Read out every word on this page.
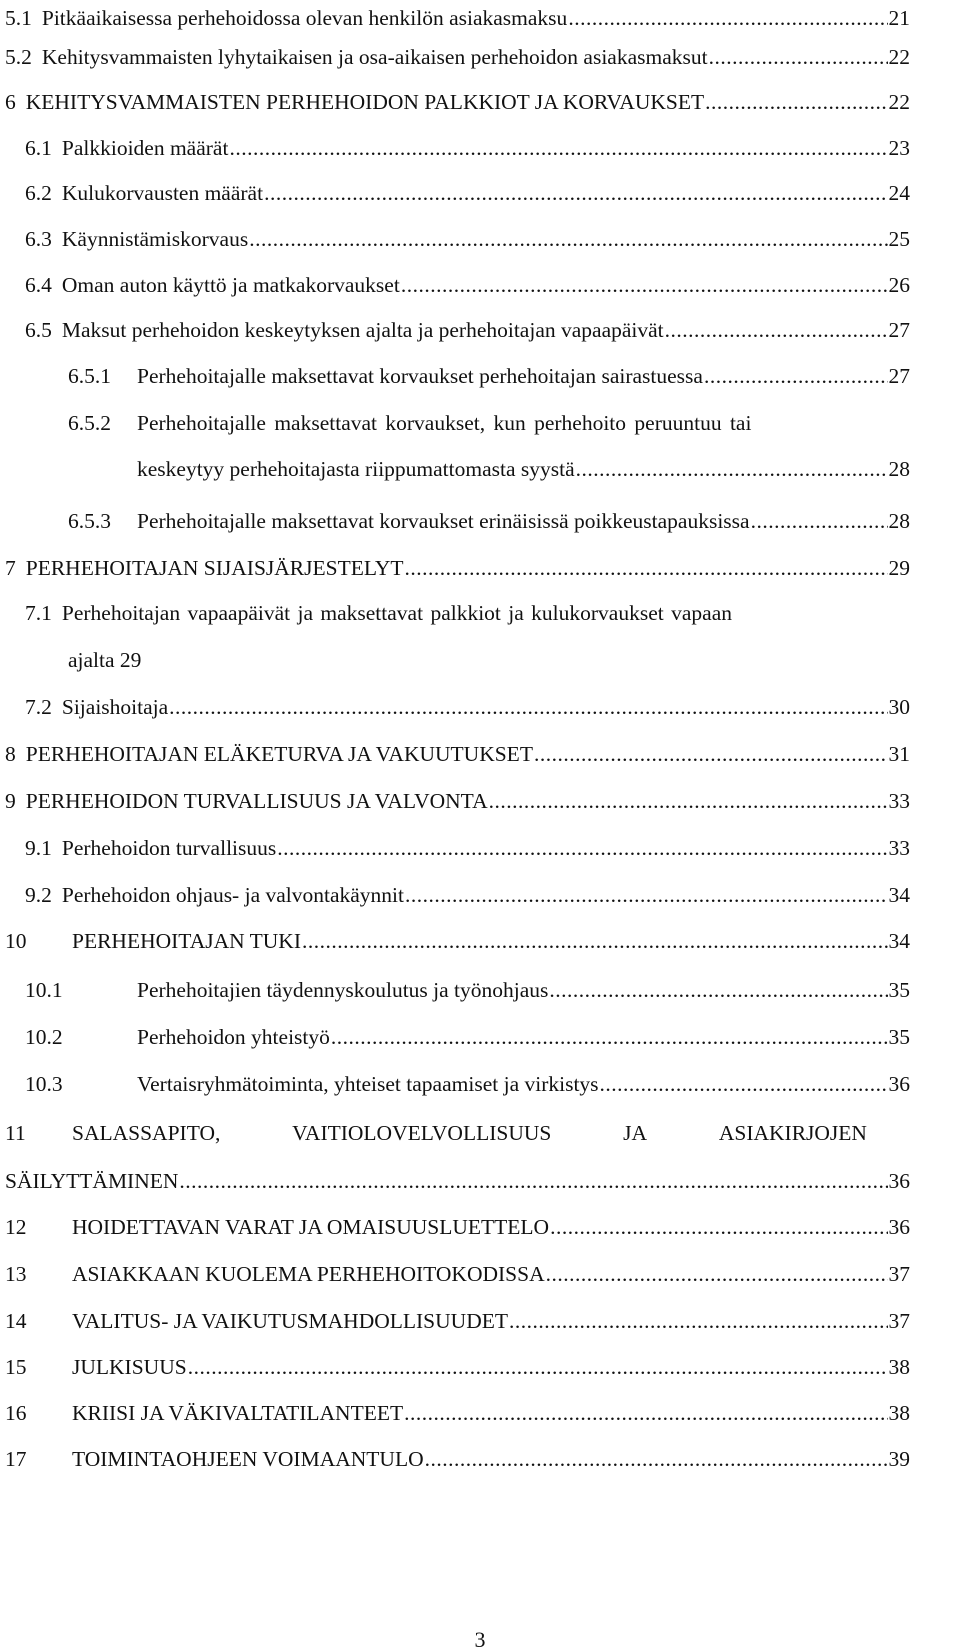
5.1 Pitkäaikaisessa perhehoidossa olevan henkilön asiakasmaksu .....	21
5.2 Kehitysvammaisten lyhytaikaisen ja osa-aikaisen perhehoidon asiakasmaksut .....	22
6 KEHITYSVAMMAISTEN PERHEHOIDON PALKKIOT JA KORVAUKSET .....	22
6.1 Palkkioiden määrät .....	23
6.2 Kulukorvausten määrät .....	24
6.3 Käynnistämiskorvaus .....	25
6.4 Oman auton käyttö ja matkakorvaukset .....	26
6.5 Maksut perhehoidon keskeytyksen ajalta ja perhehoitajan vapaapäivät .....	27
6.5.1 Perhehoitajalle maksettavat korvaukset perhehoitajan sairastuessa .....	27
6.5.2 Perhehoitajalle maksettavat korvaukset, kun perhehoito peruuntuu tai
keskeytyy perhehoitajasta riippumattomasta syystä .....	28
6.5.3 Perhehoitajalle maksettavat korvaukset erinäisissä poikkeustapauksissa .....	28
7 PERHEHOITAJAN SIJAISJÄRJESTELYT .....	29
7.1 Perhehoitajan vapaapäivät ja maksettavat palkkiot ja kulukorvaukset vapaan
ajalta 29
7.2 Sijaishoitaja .....	30
8 PERHEHOITAJAN ELÄKETURVA JA VAKUUTUKSET .....	31
9 PERHEHOIDON TURVALLISUUS JA VALVONTA .....	33
9.1 Perhehoidon turvallisuus .....	33
9.2 Perhehoidon ohjaus- ja valvontakäynnit .....	34
10 PERHEHOITAJAN TUKI .....	34
10.1	Perhehoitajien täydennyskoulutus ja työnohjaus .....	35
10.2	Perhehoidon yhteistyö .....	35
10.3	Vertaisryhmätoiminta, yhteiset tapaamiset ja virkistys .....	36
11 SALASSAPITO,	VAITIOLOVELVOLLISUUS	JA	ASIAKIRJOJEN
SÄILYTTÄMINEN .....	36
12 HOIDETTAVAN VARAT JA OMAISUUSLUETTELO .....	36
13 ASIAKKAAN KUOLEMA PERHEHOITOKODISSA .....	37
14 VALITUS- JA VAIKUTUSMAHDOLLISUUDET .....	37
15 JULKISUUS .....	38
16 KRIISI JA VÄKIVALTATILANTEET .....	38
17 TOIMINTAOHJEEN VOIMAANTULO .....	39
3
